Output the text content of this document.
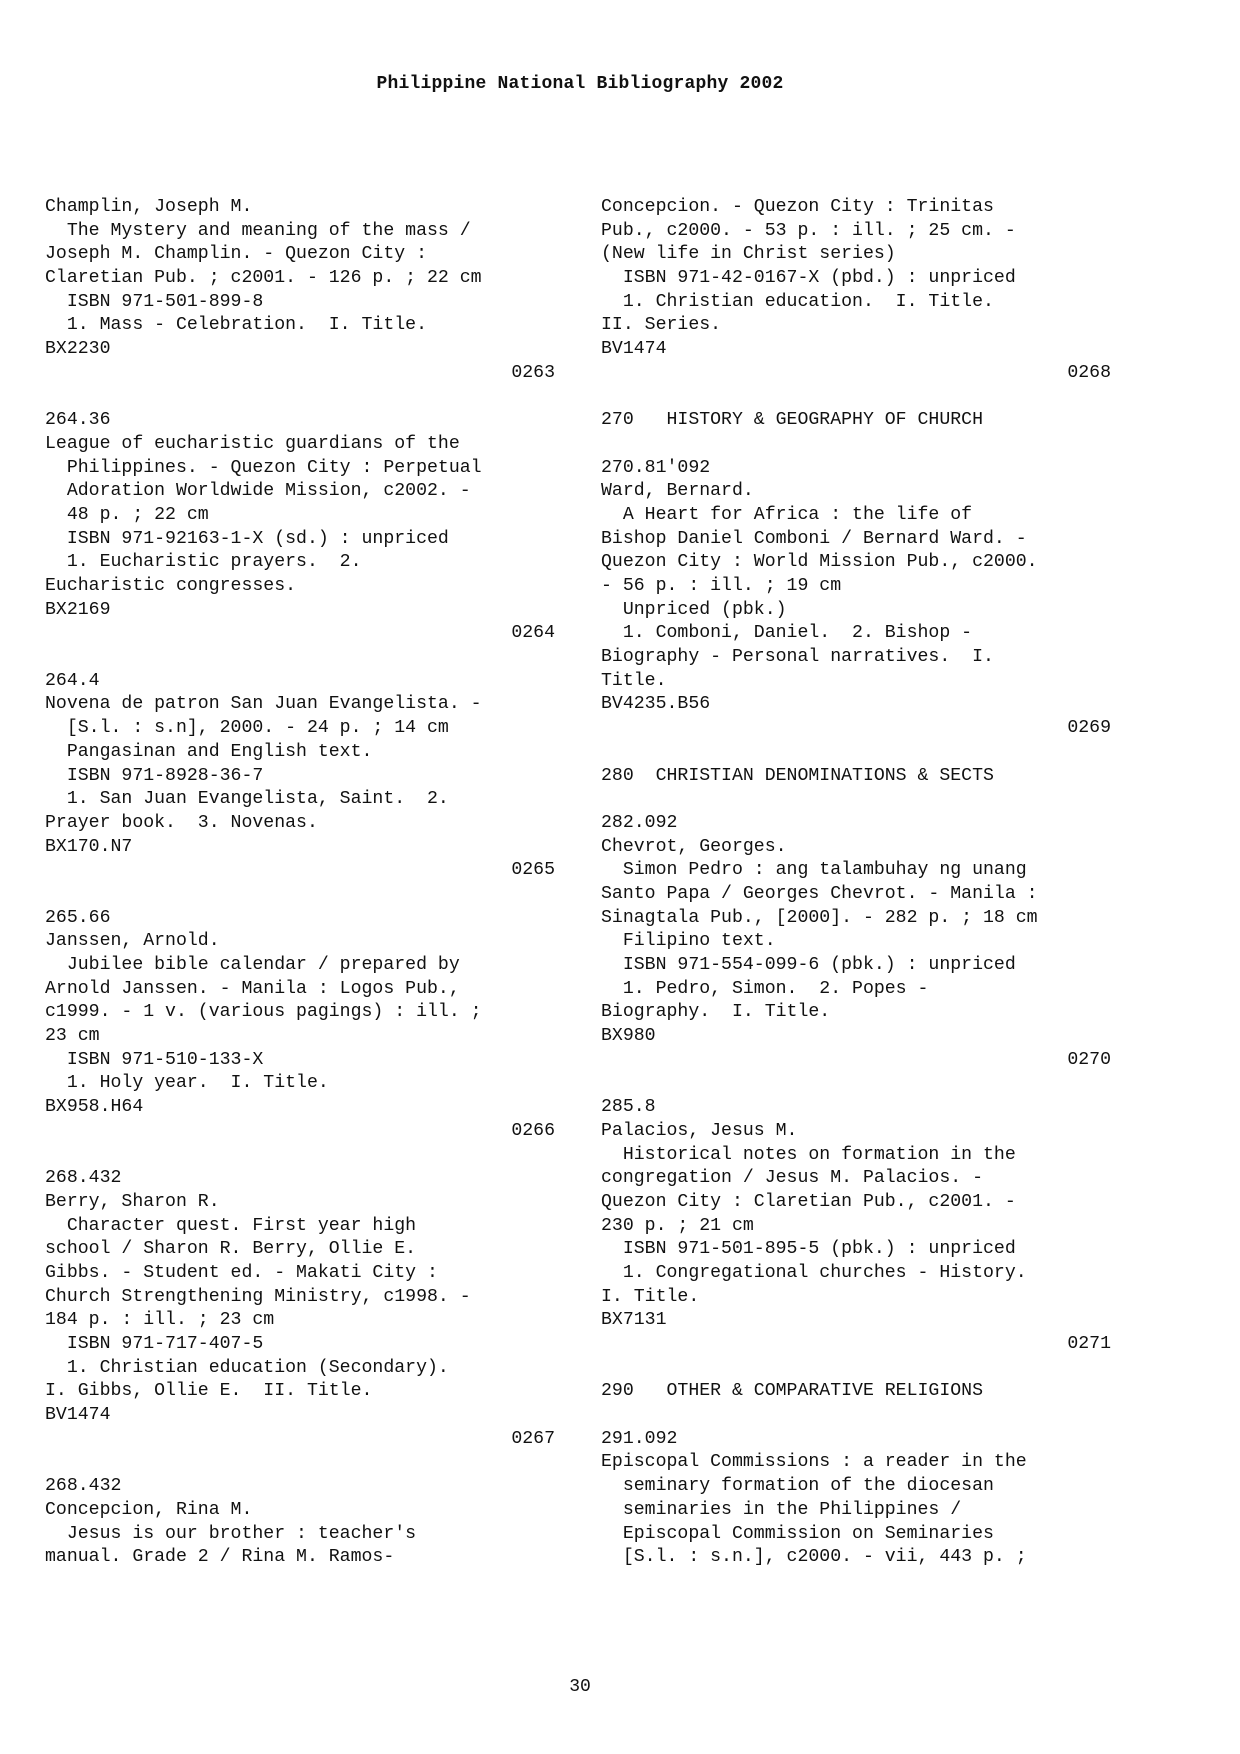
Philippine National Bibliography 2002
Champlin, Joseph M.
The Mystery and meaning of the mass /
Joseph M. Champlin. - Quezon City :
Claretian Pub. ; c2001. - 126 p. ; 22 cm
ISBN 971-501-899-8
1. Mass - Celebration.  I. Title.
BX2230
0263
264.36
League of eucharistic guardians of the
Philippines. - Quezon City : Perpetual
Adoration Worldwide Mission, c2002. -
48 p. ; 22 cm
ISBN 971-92163-1-X (sd.) : unpriced
1. Eucharistic prayers.  2.
Eucharistic congresses.
BX2169
0264
264.4
Novena de patron San Juan Evangelista. -
[S.l. : s.n], 2000. - 24 p. ; 14 cm
Pangasinan and English text.
ISBN 971-8928-36-7
1. San Juan Evangelista, Saint.  2.
Prayer book.  3. Novenas.
BX170.N7
0265
265.66
Janssen, Arnold.
Jubilee bible calendar / prepared by
Arnold Janssen. - Manila : Logos Pub.,
c1999. - 1 v. (various pagings) : ill. ;
23 cm
ISBN 971-510-133-X
1. Holy year.  I. Title.
BX958.H64
0266
268.432
Berry, Sharon R.
Character quest. First year high
school / Sharon R. Berry, Ollie E.
Gibbs. - Student ed. - Makati City :
Church Strengthening Ministry, c1998. -
184 p. : ill. ; 23 cm
ISBN 971-717-407-5
1. Christian education (Secondary).
I. Gibbs, Ollie E.  II. Title.
BV1474
0267
268.432
Concepcion, Rina M.
Jesus is our brother : teacher's
manual. Grade 2 / Rina M. Ramos-
Concepcion. - Quezon City : Trinitas
Pub., c2000. - 53 p. : ill. ; 25 cm. -
(New life in Christ series)
ISBN 971-42-0167-X (pbd.) : unpriced
1. Christian education.  I. Title.
II. Series.
BV1474
0268
270   HISTORY & GEOGRAPHY OF CHURCH
270.81'092
Ward, Bernard.
A Heart for Africa : the life of
Bishop Daniel Comboni / Bernard Ward. -
Quezon City : World Mission Pub., c2000.
- 56 p. : ill. ; 19 cm
Unpriced (pbk.)
1. Comboni, Daniel.  2. Bishop -
Biography - Personal narratives.  I.
Title.
BV4235.B56
0269
280  CHRISTIAN DENOMINATIONS & SECTS
282.092
Chevrot, Georges.
Simon Pedro : ang talambuhay ng unang
Santo Papa / Georges Chevrot. - Manila :
Sinagtala Pub., [2000]. - 282 p. ; 18 cm
Filipino text.
ISBN 971-554-099-6 (pbk.) : unpriced
1. Pedro, Simon.  2. Popes -
Biography.  I. Title.
BX980
0270
285.8
Palacios, Jesus M.
Historical notes on formation in the
congregation / Jesus M. Palacios. -
Quezon City : Claretian Pub., c2001. -
230 p. ; 21 cm
ISBN 971-501-895-5 (pbk.) : unpriced
1. Congregational churches - History.
I. Title.
BX7131
0271
290   OTHER & COMPARATIVE RELIGIONS
291.092
Episcopal Commissions : a reader in the
seminary formation of the diocesan
seminaries in the Philippines /
Episcopal Commission on Seminaries
[S.l. : s.n.], c2000. - vii, 443 p. ;
30
